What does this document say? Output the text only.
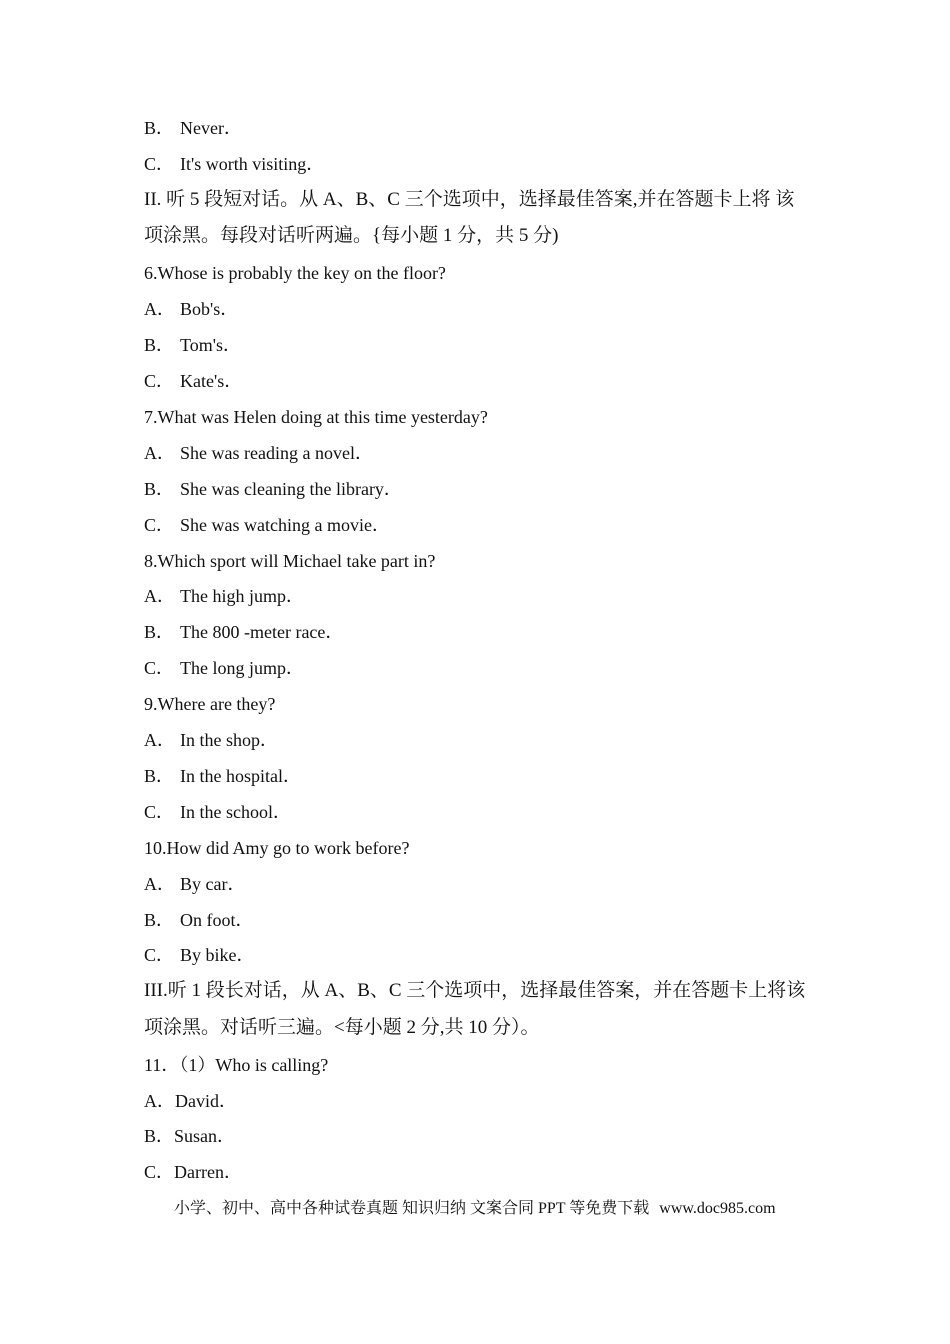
B． Never．
C． It's worth visiting．
II. 听 5 段短对话。从 A、B、C 三个选项中，选择最佳答案,并在答题卡上将 该
项涂黑。每段对话听两遍。{每小题 1 分，共 5 分)
6.Whose is probably the key on the floor?
A． Bob's．
B． Tom's．
C． Kate's．
7.What was Helen doing at this time yesterday?
A． She was reading a novel．
B． She was cleaning the library．
C． She was watching a movie．
8.Which sport will Michael take part in?
A． The high jump．
B． The 800 -meter race．
C． The long jump．
9.Where are they?
A． In the shop．
B． In the hospital．
C． In the school．
10.How did Amy go to work before?
A． By car．
B． On foot．
C． By bike．
III.听 1 段长对话，从 A、B、C 三个选项中，选择最佳答案，并在答题卡上将该
项涂黑。对话听三遍。<每小题 2 分,共 10 分）。
11．（1）Who is calling?
A．David．
B．Susan．
C．Darren．
小学、初中、高中各种试卷真题 知识归纳 文案合同 PPT 等免费下载 www.doc985.com
